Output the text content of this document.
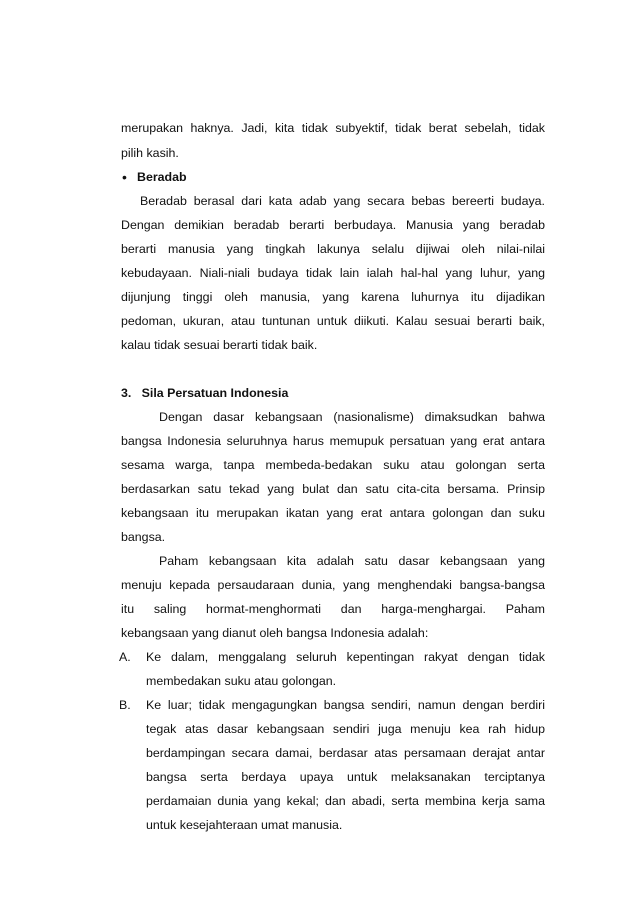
merupakan haknya. Jadi, kita tidak subyektif, tidak berat sebelah, tidak
pilih kasih.
• Beradab
Beradab berasal dari kata adab yang secara bebas bereerti budaya.
Dengan demikian beradab berarti berbudaya. Manusia yang beradab
berarti manusia yang tingkah lakunya selalu dijiwai oleh nilai-nilai
kebudayaan. Niali-niali budaya tidak lain ialah hal-hal yang luhur, yang
dijunjung tinggi oleh manusia, yang karena luhurnya itu dijadikan
pedoman, ukuran, atau tuntunan untuk diikuti. Kalau sesuai berarti baik,
kalau tidak sesuai berarti tidak baik.
3.   Sila Persatuan Indonesia
Dengan dasar kebangsaan (nasionalisme) dimaksudkan bahwa
bangsa Indonesia seluruhnya harus memupuk persatuan yang erat antara
sesama warga, tanpa membeda-bedakan suku atau golongan serta
berdasarkan satu tekad yang bulat dan satu cita-cita bersama. Prinsip
kebangsaan itu merupakan ikatan yang erat antara golongan dan suku
bangsa.
Paham kebangsaan kita adalah satu dasar kebangsaan yang
menuju kepada persaudaraan dunia, yang menghendaki bangsa-bangsa
itu saling hormat-menghormati dan harga-menghargai. Paham
kebangsaan yang dianut oleh bangsa Indonesia adalah:
A. Ke dalam, menggalang seluruh kepentingan rakyat dengan tidak
membedakan suku atau golongan.
B. Ke luar; tidak mengagungkan bangsa sendiri, namun dengan berdiri
tegak atas dasar kebangsaan sendiri juga menuju kea rah hidup
berdampingan secara damai, berdasar atas persamaan derajat antar
bangsa serta berdaya upaya untuk melaksanakan terciptanya
perdamaian dunia yang kekal; dan abadi, serta membina kerja sama
untuk kesejahteraan umat manusia.
